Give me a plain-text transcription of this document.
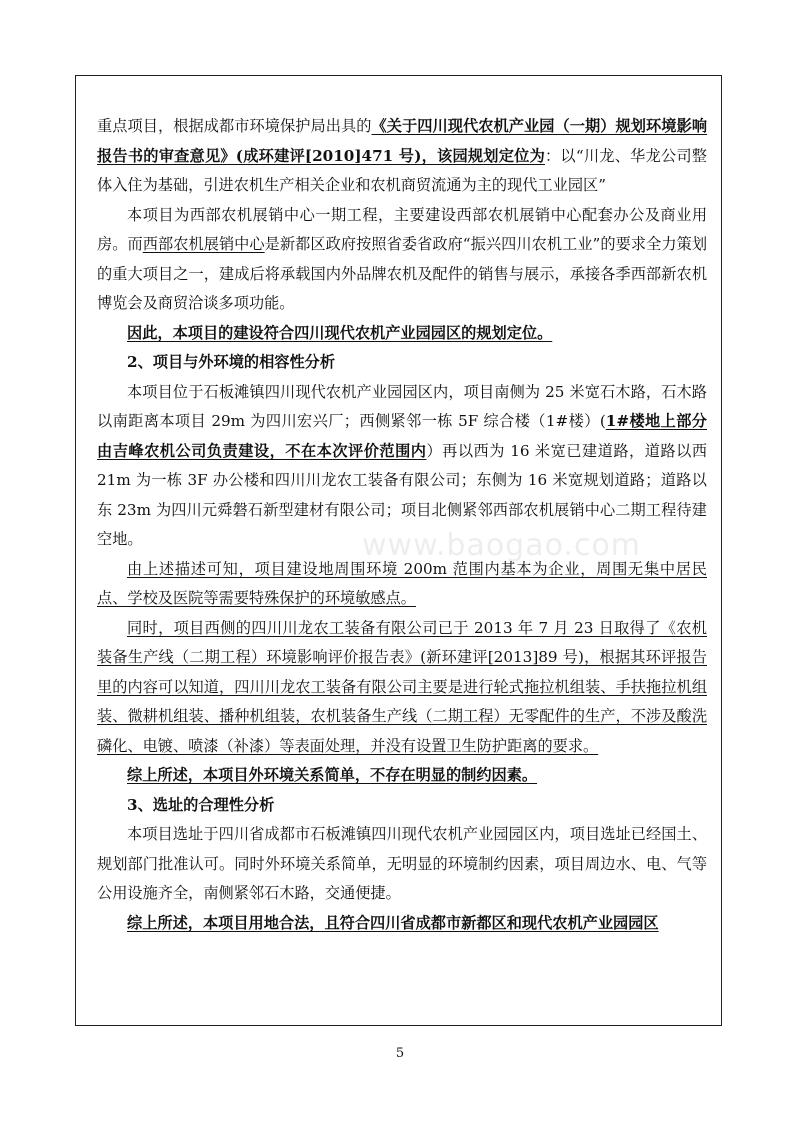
重点项目，根据成都市环境保护局出具的《关于四川现代农机产业园（一期）规划环境影响报告书的审查意见》(成环建评[2010]471 号)，该园规划定位为：以“川龙、华龙公司整体入住为基础，引进农机生产相关企业和农机商贸流通为主的现代工业园区”

本项目为西部农机展销中心一期工程，主要建设西部农机展销中心配套办公及商业用房。而西部农机展销中心是新都区政府按照省委省政府“振兴四川农机工业”的要求全力策划的重大项目之一，建成后将承载国内外品牌农机及配件的销售与展示，承接各季西部新农机博览会及商贸洽谈多项功能。

因此，本项目的建设符合四川现代农机产业园园区的规划定位。

2、项目与外环境的相容性分析

本项目位于石板滩镇四川现代农机产业园园区内，项目南侧为 25 米宽石木路，石木路以南距离本项目 29m 为四川宏兴厂；西侧紧邻一栋 5F 综合楼（1#楼）(1#楼地上部分由吉峰农机公司负责建设，不在本次评价范围内）再以西为 16 米宽已建道路，道路以西 21m 为一栋 3F 办公楼和四川川龙农工装备有限公司；东侧为 16 米宽规划道路；道路以东 23m 为四川元舜磐石新型建材有限公司；项目北侧紧邻西部农机展销中心二期工程待建空地。

由上述描述可知，项目建设地周围环境 200m 范围内基本为企业，周围无集中居民点、学校及医院等需要特殊保护的环境敏感点。

同时，项目西侧的四川川龙农工装备有限公司已于 2013 年 7 月 23 日取得了《农机装备生产线（二期工程）环境影响评价报告表》(新环建评[2013]89 号)，根据其环评报告里的内容可以知道，四川川龙农工装备有限公司主要是进行轮式拖拉机组装、手扶拖拉机组装、微耕机组装、播种机组装，农机装备生产线（二期工程）无零配件的生产，不涉及酸洗磷化、电镀、喷漆（补漆）等表面处理，并没有设置卫生防护距离的要求。

综上所述，本项目外环境关系简单，不存在明显的制约因素。

3、选址的合理性分析

本项目选址于四川省成都市石板滩镇四川现代农机产业园园区内，项目选址已经国土、规划部门批准认可。同时外环境关系简单，无明显的环境制约因素，项目周边水、电、气等公用设施齐全，南侧紧邻石木路，交通便捷。

综上所述，本项目用地合法，且符合四川省成都市新都区和现代农机产业园园区

www.baogao.com
5
